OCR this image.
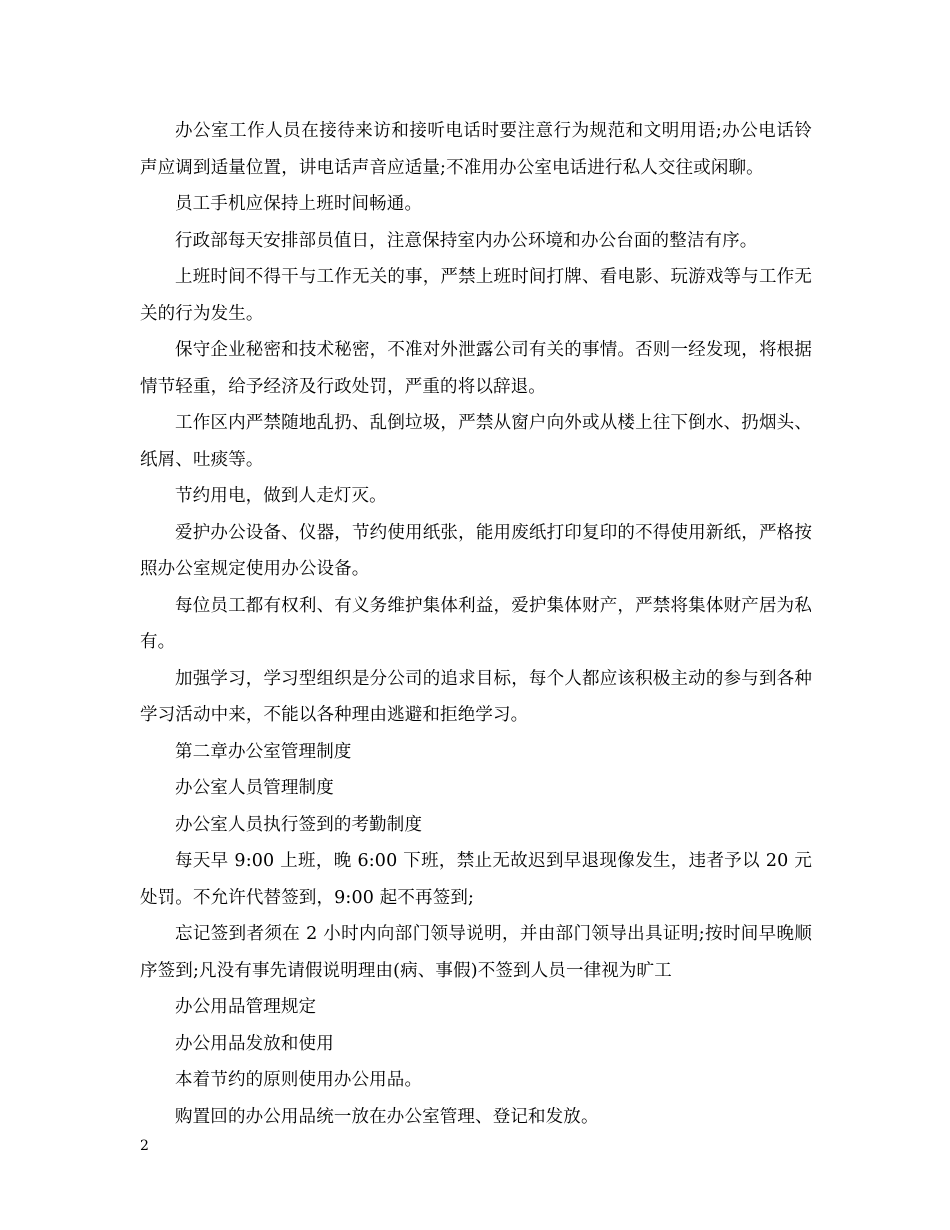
办公室工作人员在接待来访和接听电话时要注意行为规范和文明用语;办公电话铃声应调到适量位置，讲电话声音应适量;不准用办公室电话进行私人交往或闲聊。

员工手机应保持上班时间畅通。

行政部每天安排部员值日，注意保持室内办公环境和办公台面的整洁有序。

上班时间不得干与工作无关的事，严禁上班时间打牌、看电影、玩游戏等与工作无关的行为发生。

保守企业秘密和技术秘密，不准对外泄露公司有关的事情。否则一经发现，将根据情节轻重，给予经济及行政处罚，严重的将以辞退。

工作区内严禁随地乱扔、乱倒垃圾，严禁从窗户向外或从楼上往下倒水、扔烟头、纸屑、吐痰等。

节约用电，做到人走灯灭。

爱护办公设备、仪器，节约使用纸张，能用废纸打印复印的不得使用新纸，严格按照办公室规定使用办公设备。

每位员工都有权利、有义务维护集体利益，爱护集体财产，严禁将集体财产居为私有。

加强学习，学习型组织是分公司的追求目标，每个人都应该积极主动的参与到各种学习活动中来，不能以各种理由逃避和拒绝学习。

第二章办公室管理制度

办公室人员管理制度

办公室人员执行签到的考勤制度

每天早 9:00 上班，晚 6:00 下班，禁止无故迟到早退现像发生，违者予以 20 元处罚。不允许代替签到，9:00 起不再签到;

忘记签到者须在 2 小时内向部门领导说明，并由部门领导出具证明;按时间早晚顺序签到;凡没有事先请假说明理由(病、事假)不签到人员一律视为旷工

办公用品管理规定

办公用品发放和使用

本着节约的原则使用办公用品。

购置回的办公用品统一放在办公室管理、登记和发放。

2
